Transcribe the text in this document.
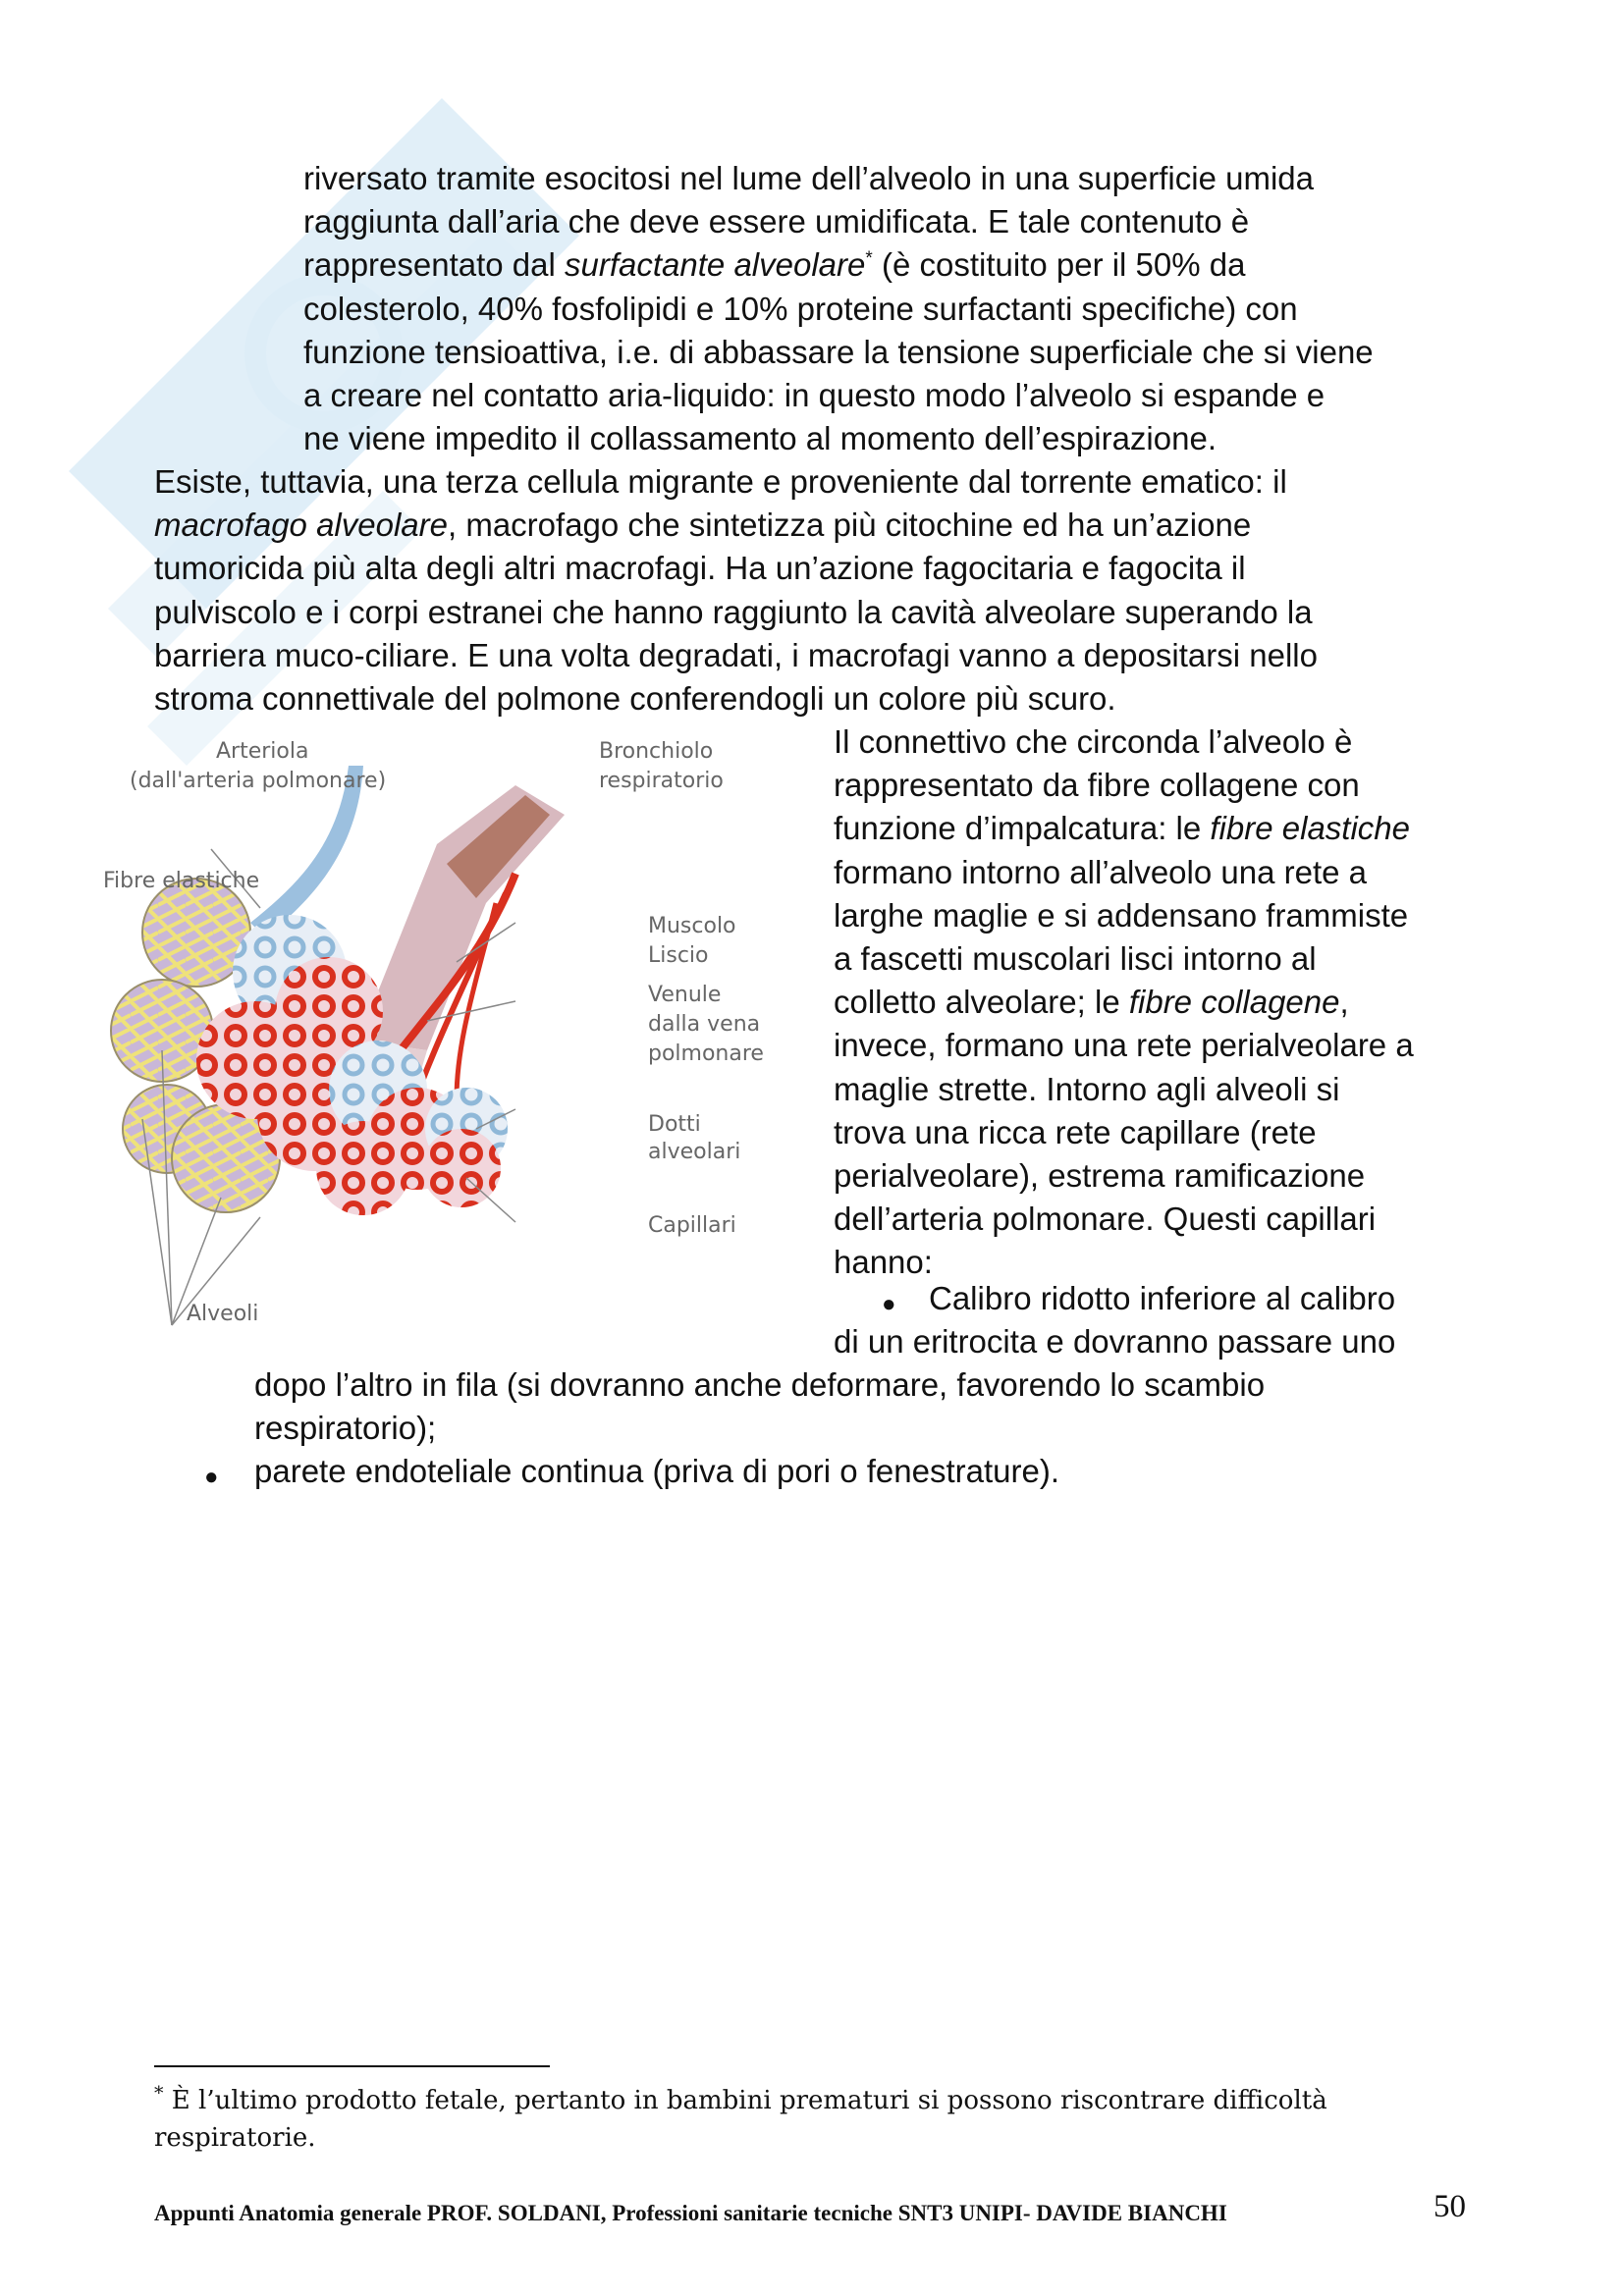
riversato tramite esocitosi nel lume dell’alveolo in una superficie umida
raggiunta dall’aria che deve essere umidificata. E tale contenuto è
rappresentato dal surfactante alveolare* (è costituito per il 50% da
colesterolo, 40% fosfolipidi e 10% proteine surfactanti specifiche) con
funzione tensioattiva, i.e. di abbassare la tensione superficiale che si viene
a creare nel contatto aria-liquido: in questo modo l’alveolo si espande e
ne viene impedito il collassamento al momento dell’espirazione.
Esiste, tuttavia, una terza cellula migrante e proveniente dal torrente ematico: il
macrofago alveolare, macrofago che sintetizza più citochine ed ha un’azione
tumoricida più alta degli altri macrofagi. Ha un’azione fagocitaria e fagocita il
pulviscolo e i corpi estranei che hanno raggiunto la cavità alveolare superando la
barriera muco-ciliare. E una volta degradati, i macrofagi vanno a depositarsi nello
stroma connettivale del polmone conferendogli un colore più scuro.
Arteriola
(dall'arteria polmonare)
Bronchiolo
respiratorio
Fibre elastiche
Muscolo
Liscio
Venule
dalla vena
polmonare
Dotti
alveolari
Capillari
Alveoli
Il connettivo che circonda l’alveolo è
rappresentato da fibre collagene con
funzione d’impalcatura: le fibre elastiche
formano intorno all’alveolo una rete a
larghe maglie e si addensano frammiste
a fascetti muscolari lisci intorno al
colletto alveolare; le fibre collagene,
invece, formano una rete perialveolare a
maglie strette. Intorno agli alveoli si
trova una ricca rete capillare (rete
perialveolare), estrema ramificazione
dell’arteria polmonare. Questi capillari
hanno:
● Calibro ridotto inferiore al calibro
di un eritrocita e dovranno passare uno
dopo l’altro in fila (si dovranno anche deformare, favorendo lo scambio
respiratorio);
● parete endoteliale continua (priva di pori o fenestrature).
* È l’ultimo prodotto fetale, pertanto in bambini prematuri si possono riscontrare difficoltà
respiratorie.
Appunti Anatomia generale PROF. SOLDANI, Professioni sanitarie tecniche SNT3 UNIPI- DAVIDE BIANCHI	50
